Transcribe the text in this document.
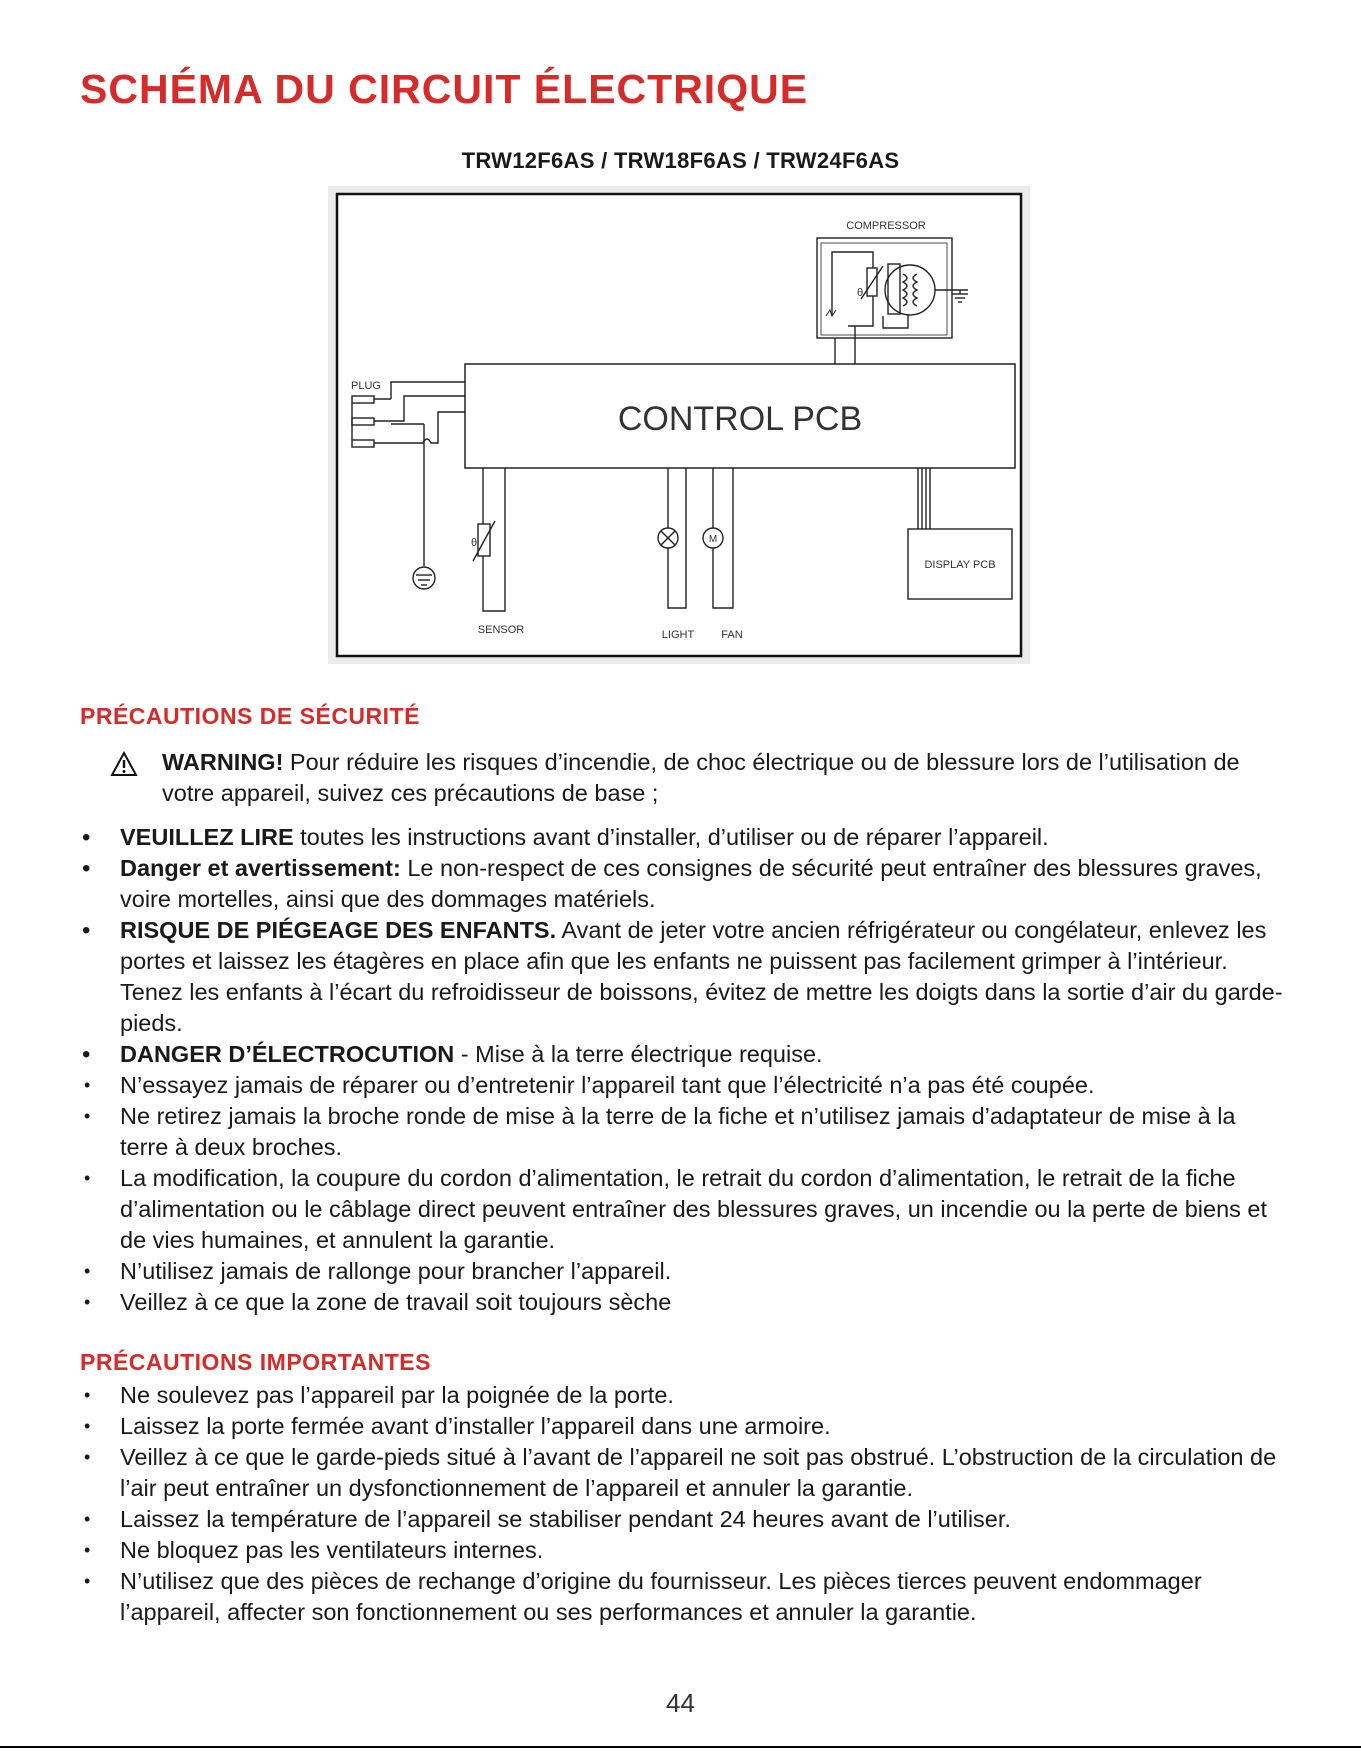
SCHÉMA DU CIRCUIT ÉLECTRIQUE
TRW12F6AS / TRW18F6AS / TRW24F6AS
COMPRESSOR
θ
CONTROL PCB
PLUG
θ
SENSOR	LIGHT
M
FAN
DISPLAY PCB
PRÉCAUTIONS DE SÉCURITÉ
WARNING! Pour réduire les risques d’incendie, de choc électrique ou de blessure lors de l’utilisation de votre appareil, suivez ces précautions de base ;
• VEUILLEZ LIRE toutes les instructions avant d’installer, d’utiliser ou de réparer l’appareil.
• Danger et avertissement: Le non-respect de ces consignes de sécurité peut entraîner des blessures graves, voire mortelles, ainsi que des dommages matériels.
• RISQUE DE PIÉGEAGE DES ENFANTS. Avant de jeter votre ancien réfrigérateur ou congélateur, enlevez les portes et laissez les étagères en place afin que les enfants ne puissent pas facilement grimper à l’intérieur. Tenez les enfants à l’écart du refroidisseur de boissons, évitez de mettre les doigts dans la sortie d’air du garde-pieds.
• DANGER D’ÉLECTROCUTION - Mise à la terre électrique requise.
• N’essayez jamais de réparer ou d’entretenir l’appareil tant que l’électricité n’a pas été coupée.
• Ne retirez jamais la broche ronde de mise à la terre de la fiche et n’utilisez jamais d’adaptateur de mise à la terre à deux broches.
• La modification, la coupure du cordon d’alimentation, le retrait du cordon d’alimentation, le retrait de la fiche d’alimentation ou le câblage direct peuvent entraîner des blessures graves, un incendie ou la perte de biens et de vies humaines, et annulent la garantie.
• N’utilisez jamais de rallonge pour brancher l’appareil.
• Veillez à ce que la zone de travail soit toujours sèche
PRÉCAUTIONS IMPORTANTES
• Ne soulevez pas l’appareil par la poignée de la porte.
• Laissez la porte fermée avant d’installer l’appareil dans une armoire.
• Veillez à ce que le garde-pieds situé à l’avant de l’appareil ne soit pas obstrué. L’obstruction de la circulation de l’air peut entraîner un dysfonctionnement de l’appareil et annuler la garantie.
• Laissez la température de l’appareil se stabiliser pendant 24 heures avant de l’utiliser.
• Ne bloquez pas les ventilateurs internes.
• N’utilisez que des pièces de rechange d’origine du fournisseur. Les pièces tierces peuvent endommager l’appareil, affecter son fonctionnement ou ses performances et annuler la garantie.
44
